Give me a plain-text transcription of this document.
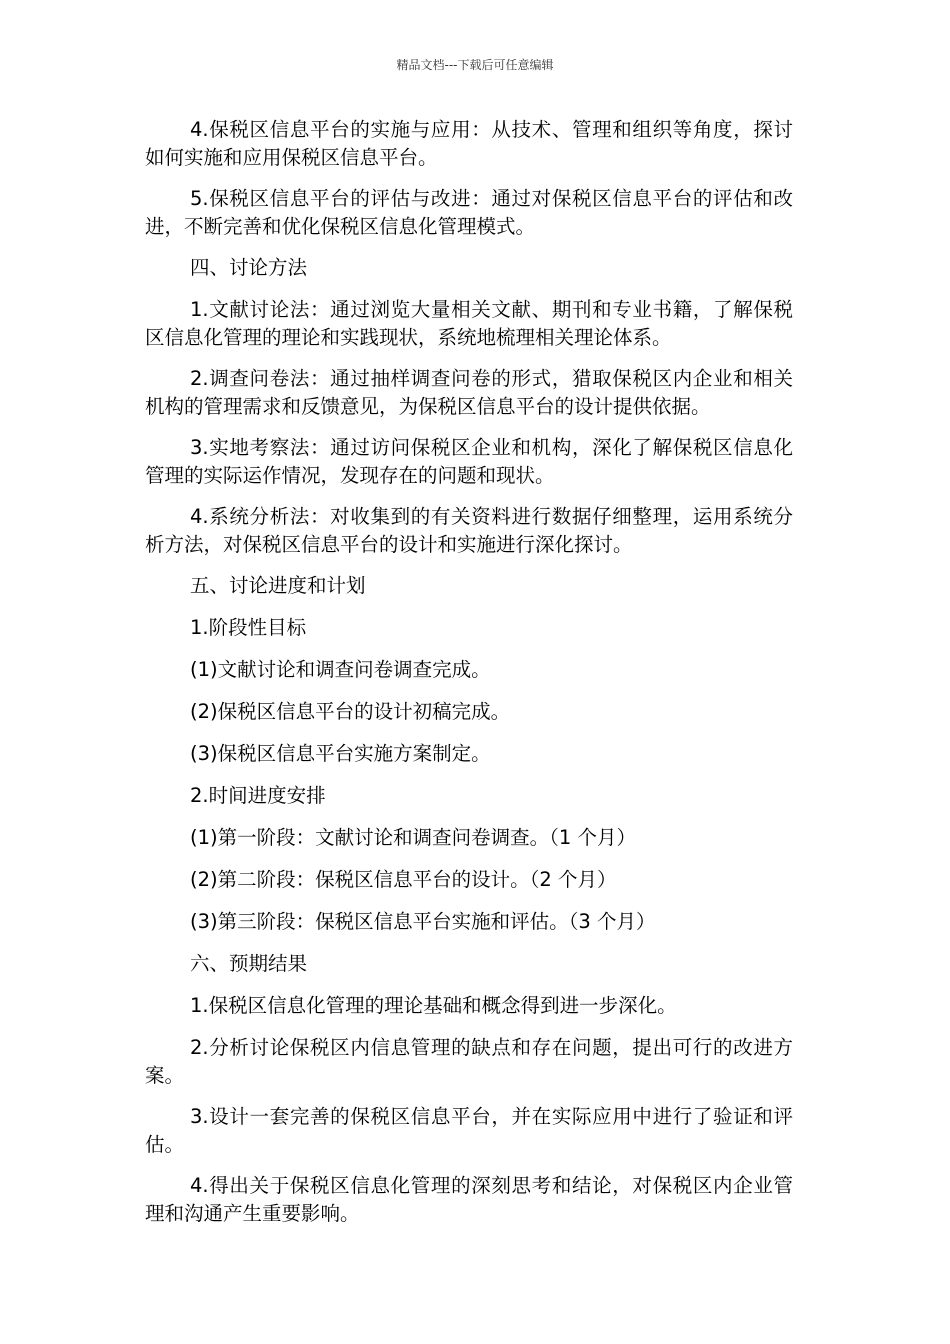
精品文档---下载后可任意编辑

4.保税区信息平台的实施与应用：从技术、管理和组织等角度，探讨如何实施和应用保税区信息平台。

5.保税区信息平台的评估与改进：通过对保税区信息平台的评估和改进，不断完善和优化保税区信息化管理模式。

四、讨论方法

1.文献讨论法：通过浏览大量相关文献、期刊和专业书籍，了解保税区信息化管理的理论和实践现状，系统地梳理相关理论体系。

2.调查问卷法：通过抽样调查问卷的形式，猎取保税区内企业和相关机构的管理需求和反馈意见，为保税区信息平台的设计提供依据。

3.实地考察法：通过访问保税区企业和机构，深化了解保税区信息化管理的实际运作情况，发现存在的问题和现状。

4.系统分析法：对收集到的有关资料进行数据仔细整理，运用系统分析方法，对保税区信息平台的设计和实施进行深化探讨。

五、讨论进度和计划

1.阶段性目标

(1)文献讨论和调查问卷调查完成。

(2)保税区信息平台的设计初稿完成。

(3)保税区信息平台实施方案制定。

2.时间进度安排

(1)第一阶段：文献讨论和调查问卷调查。（1 个月）

(2)第二阶段：保税区信息平台的设计。（2 个月）

(3)第三阶段：保税区信息平台实施和评估。（3 个月）

六、预期结果

1.保税区信息化管理的理论基础和概念得到进一步深化。

2.分析讨论保税区内信息管理的缺点和存在问题，提出可行的改进方案。

3.设计一套完善的保税区信息平台，并在实际应用中进行了验证和评估。

4.得出关于保税区信息化管理的深刻思考和结论，对保税区内企业管理和沟通产生重要影响。
